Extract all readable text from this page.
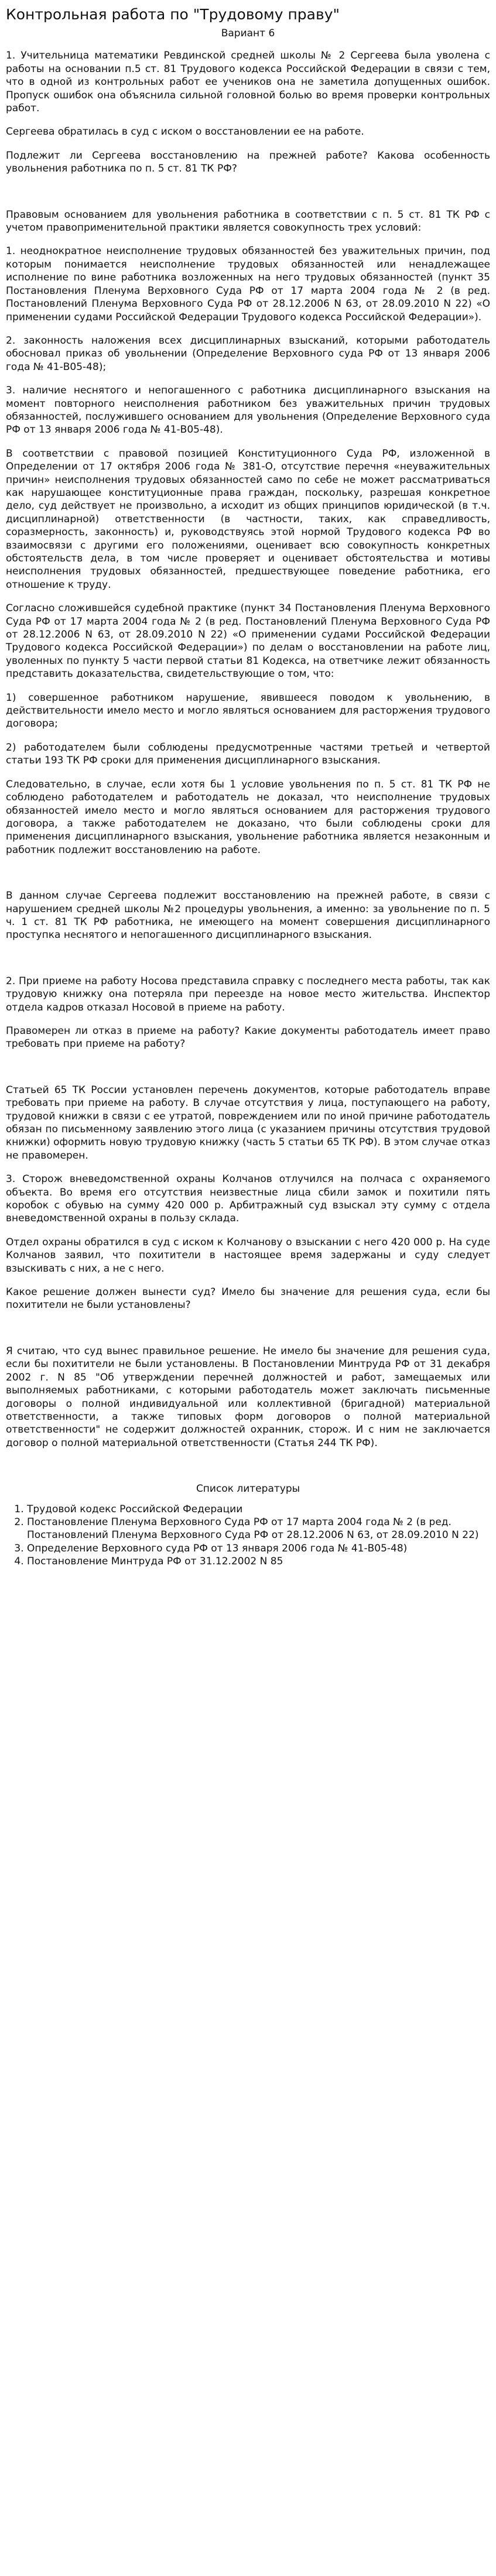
Контрольная работа по "Трудовому праву"
Вариант 6

1. Учительница математики Ревдинской средней школы № 2 Сергеева была уволена с работы на основании п.5 ст. 81 Трудового кодекса Российской Федерации в связи с тем, что в одной из контрольных работ ее учеников она не заметила допущенных ошибок. Пропуск ошибок она объяснила сильной головной болью во время проверки контрольных работ.

Сергеева обратилась в суд с иском о восстановлении ее на работе.

Подлежит ли Сергеева восстановлению на прежней работе? Какова особенность увольнения работника по п. 5 ст. 81 ТК РФ?

Правовым основанием для увольнения работника в соответствии с п. 5 ст. 81 ТК РФ с учетом правоприменительной практики является совокупность трех условий:

1. неоднократное неисполнение трудовых обязанностей без уважительных причин, под которым понимается неисполнение трудовых обязанностей или ненадлежащее исполнение по вине работника возложенных на него трудовых обязанностей (пункт 35 Постановления Пленума Верховного Суда РФ от 17 марта 2004 года № 2 (в ред. Постановлений Пленума Верховного Суда РФ от 28.12.2006 N 63, от 28.09.2010 N 22) «О применении судами Российской Федерации Трудового кодекса Российской Федерации»).

2. законность наложения всех дисциплинарных взысканий, которыми работодатель обосновал приказ об увольнении (Определение Верховного суда РФ от 13 января 2006 года № 41-В05-48);

3. наличие неснятого и непогашенного с работника дисциплинарного взыскания на момент повторного неисполнения работником без уважительных причин трудовых обязанностей, послужившего основанием для увольнения (Определение Верховного суда РФ от 13 января 2006 года № 41-В05-48).

В соответствии с правовой позицией Конституционного Суда РФ, изложенной в Определении от 17 октября 2006 года № 381-О, отсутствие перечня «неуважительных причин» неисполнения трудовых обязанностей само по себе не может рассматриваться как нарушающее конституционные права граждан, поскольку, разрешая конкретное дело, суд действует не произвольно, а исходит из общих принципов юридической (в т.ч. дисциплинарной) ответственности (в частности, таких, как справедливость, соразмерность, законность) и, руководствуясь этой нормой Трудового кодекса РФ во взаимосвязи с другими его положениями, оценивает всю совокупность конкретных обстоятельств дела, в том числе проверяет и оценивает обстоятельства и мотивы неисполнения трудовых обязанностей, предшествующее поведение работника, его отношение к труду.

Согласно сложившейся судебной практике (пункт 34 Постановления Пленума Верховного Суда РФ от 17 марта 2004 года № 2 (в ред. Постановлений Пленума Верховного Суда РФ от 28.12.2006 N 63, от 28.09.2010 N 22) «О применении судами Российской Федерации Трудового кодекса Российской Федерации») по делам о восстановлении на работе лиц, уволенных по пункту 5 части первой статьи 81 Кодекса, на ответчике лежит обязанность представить доказательства, свидетельствующие о том, что:

1) совершенное работником нарушение, явившееся поводом к увольнению, в действительности имело место и могло являться основанием для расторжения трудового договора;

2) работодателем были соблюдены предусмотренные частями третьей и четвертой статьи 193 ТК РФ сроки для применения дисциплинарного взыскания.

Следовательно, в случае, если хотя бы 1 условие увольнения по п. 5 ст. 81 ТК РФ не соблюдено работодателем и работодатель не доказал, что неисполнение трудовых обязанностей имело место и могло являться основанием для расторжения трудового договора, а также работодателем не доказано, что были соблюдены сроки для применения дисциплинарного взыскания, увольнение работника является незаконным и работник подлежит восстановлению на работе.

В данном случае Сергеева подлежит восстановлению на прежней работе, в связи с нарушением средней школы №2 процедуры увольнения, а именно: за увольнение по п. 5 ч. 1 ст. 81 ТК РФ работника, не имеющего на момент совершения дисциплинарного проступка неснятого и непогашенного дисциплинарного взыскания.

2. При приеме на работу Носова представила справку с последнего места работы, так как трудовую книжку она потеряла при переезде на новое место жительства. Инспектор отдела кадров отказал Носовой в приеме на работу.

Правомерен ли отказ в приеме на работу? Какие документы работодатель имеет право требовать при приеме на работу?

Статьей 65 ТК России установлен перечень документов, которые работодатель вправе требовать при приеме на работу. В случае отсутствия у лица, поступающего на работу, трудовой книжки в связи с ее утратой, повреждением или по иной причине работодатель обязан по письменному заявлению этого лица (с указанием причины отсутствия трудовой книжки) оформить новую трудовую книжку (часть 5 статьи 65 ТК РФ). В этом случае отказ не правомерен.

3. Сторож вневедомственной охраны Колчанов отлучился на полчаса с охраняемого объекта. Во время его отсутствия неизвестные лица сбили замок и похитили пять коробок с обувью на сумму 420 000 р. Арбитражный суд взыскал эту сумму с отдела вневедомственной охраны в пользу склада.

Отдел охраны обратился в суд с иском к Колчанову о взыскании с него 420 000 р. На суде Колчанов заявил, что похитители в настоящее время задержаны и суду следует взыскивать с них, а не с него.

Какое решение должен вынести суд? Имело бы значение для решения суда, если бы похитители не были установлены?

Я считаю, что суд вынес правильное решение. Не имело бы значение для решения суда, если бы похитители не были установлены. В Постановлении Минтруда РФ от 31 декабря 2002 г. N 85 "Об утверждении перечней должностей и работ, замещаемых или выполняемых работниками, с которыми работодатель может заключать письменные договоры о полной индивидуальной или коллективной (бригадной) материальной ответственности, а также типовых форм договоров о полной материальной ответственности" не содержит должностей охранник, сторож. И с ним не заключается договор о полной материальной ответственности (Статья 244 ТК РФ).

Список литературы
1. Трудовой кодекс Российской Федерации
2. Постановление Пленума Верховного Суда РФ от 17 марта 2004 года № 2 (в ред. Постановлений Пленума Верховного Суда РФ от 28.12.2006 N 63, от 28.09.2010 N 22)
3. Определение Верховного суда РФ от 13 января 2006 года № 41-В05-48)
4. Постановление Минтруда РФ от 31.12.2002 N 85
